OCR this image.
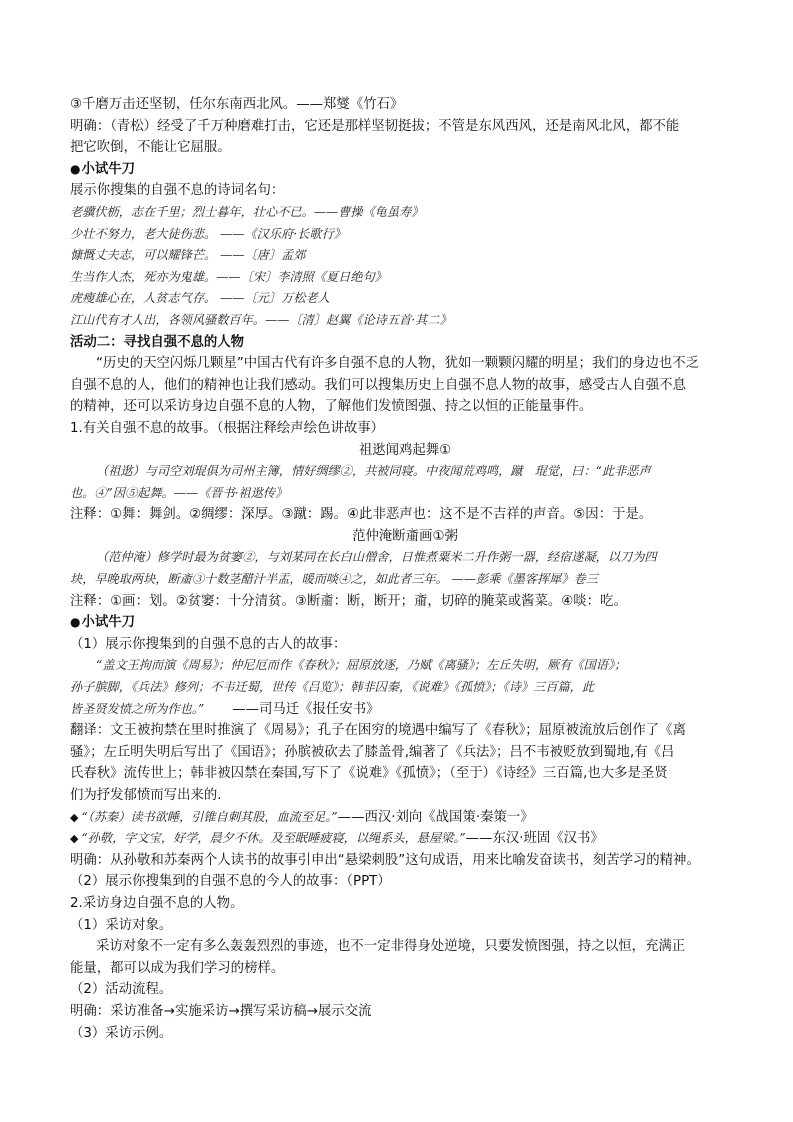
③千磨万击还坚韧，任尔东南西北风。——郑燮《竹石》
明确：（青松）经受了千万种磨难打击，它还是那样坚韧挺拔；不管是东风西风，还是南风北风，都不能
把它吹倒，不能让它屈服。
● 小试牛刀
展示你搜集的自强不息的诗词名句：
老骥伏枥，志在千里；烈士暮年，壮心不已。——曹操《龟虽寿》
少壮不努力，老大徒伤悲。 ——《汉乐府·长歌行》
慷慨丈夫志，可以耀锋芒。 ——〔唐〕孟郊
生当作人杰，死亦为鬼雄。——〔宋〕李清照《夏日绝句》
虎瘦雄心在，人贫志气存。 ——〔元〕万松老人
江山代有才人出，各领风骚数百年。——〔清〕赵翼《论诗五首·其二》
活动二：寻找自强不息的人物
“历史的天空闪烁几颗星”中国古代有许多自强不息的人物，犹如一颗颗闪耀的明星；我们的身边也不乏
自强不息的人，他们的精神也让我们感动。我们可以搜集历史上自强不息人物的故事，感受古人自强不息
的精神，还可以采访身边自强不息的人物，了解他们发愤图强、持之以恒的正能量事件。
1.有关自强不息的故事。（根据注释绘声绘色讲故事）
祖逖闻鸡起舞①
（祖逖）与司空刘琨俱为司州主簿，情好绸缪②，共被同寝。中夜闻荒鸡鸣，蹴　琨觉，曰：“此非恶声
也。④”因⑤起舞。——《晋书·祖逖传》
注释：①舞：舞剑。②绸缪：深厚。③蹴：踢。④此非恶声也：这不是不吉祥的声音。⑤因：于是。
范仲淹断齑画①粥
（范仲淹）修学时最为贫窭②，与刘某同在长白山僧舍，日惟煮粟米二升作粥一器，经宿遂凝，以刀为四
块，早晚取两块，断齑③十数茎醋汁半盂，暖而啖④之，如此者三年。 ——彭乘《墨客挥犀》卷三
注释：①画：划。②贫窭：十分清贫。③断齑：断，断开；齑，切碎的腌菜或酱菜。④啖：吃。
● 小试牛刀
（1）展示你搜集到的自强不息的古人的故事：
“盖文王拘而演《周易》；仲尼厄而作《春秋》；屈原放逐，乃赋《离骚》；左丘失明，厥有《国语》；
孙子膑脚，《兵法》修列；不韦迁蜀，世传《吕览》；韩非囚秦，《说难》《孤愤》；《诗》三百篇，此
皆圣贤发愤之所为作也。” ——司马迁《报任安书》
翻译：文王被拘禁在里时推演了《周易》；孔子在困穷的境遇中编写了《春秋》；屈原被流放后创作了《离
骚》；左丘明失明后写出了《国语》；孙膑被砍去了膝盖骨,编著了《兵法》；吕不韦被贬放到蜀地,有《吕
氏春秋》流传世上；韩非被囚禁在秦国,写下了《说难》《孤愤》；（至于）《诗经》三百篇,也大多是圣贤
们为抒发郁愤而写出来的.
◆ “（苏秦）读书欲睡，引锥自刺其股，血流至足。”——西汉·刘向《战国策·秦策一》
◆ “孙敬，字文宝，好学，晨夕不休。及至眠睡疲寝，以绳系头，悬屋梁。”——东汉·班固《汉书》
明确：从孙敬和苏秦两个人读书的故事引申出“悬梁刺股”这句成语，用来比喻发奋读书，刻苦学习的精神。
（2）展示你搜集到的自强不息的今人的故事：（PPT）
2.采访身边自强不息的人物。
（1）采访对象。
采访对象不一定有多么轰轰烈烈的事迹，也不一定非得身处逆境，只要发愤图强，持之以恒，充满正
能量，都可以成为我们学习的榜样。
（2）活动流程。
明确：采访准备→实施采访→撰写采访稿→展示交流
（3）采访示例。
